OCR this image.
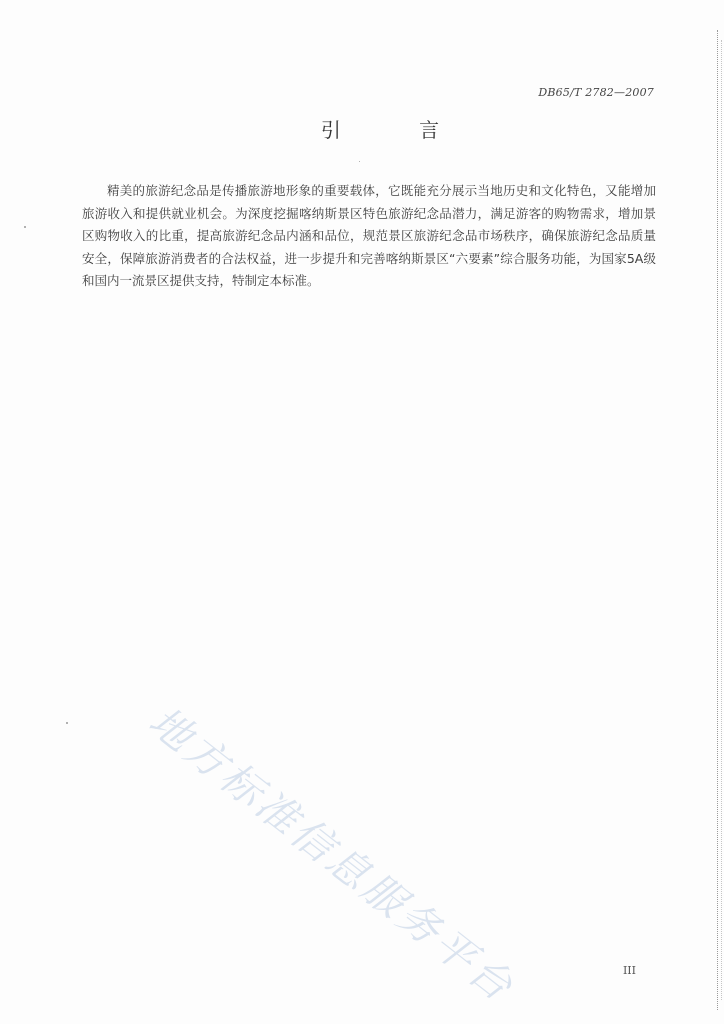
DB65/T 2782—2007
引 言
精美的旅游纪念品是传播旅游地形象的重要载体，它既能充分展示当地历史和文化特色，又能增加旅游收入和提供就业机会。为深度挖掘喀纳斯景区特色旅游纪念品潜力，满足游客的购物需求，增加景区购物收入的比重，提高旅游纪念品内涵和品位，规范景区旅游纪念品市场秩序，确保旅游纪念品质量安全，保障旅游消费者的合法权益，进一步提升和完善喀纳斯景区“六要素”综合服务功能，为国家5A级和国内一流景区提供支持，特制定本标准。
地方标准信息服务平台	III
